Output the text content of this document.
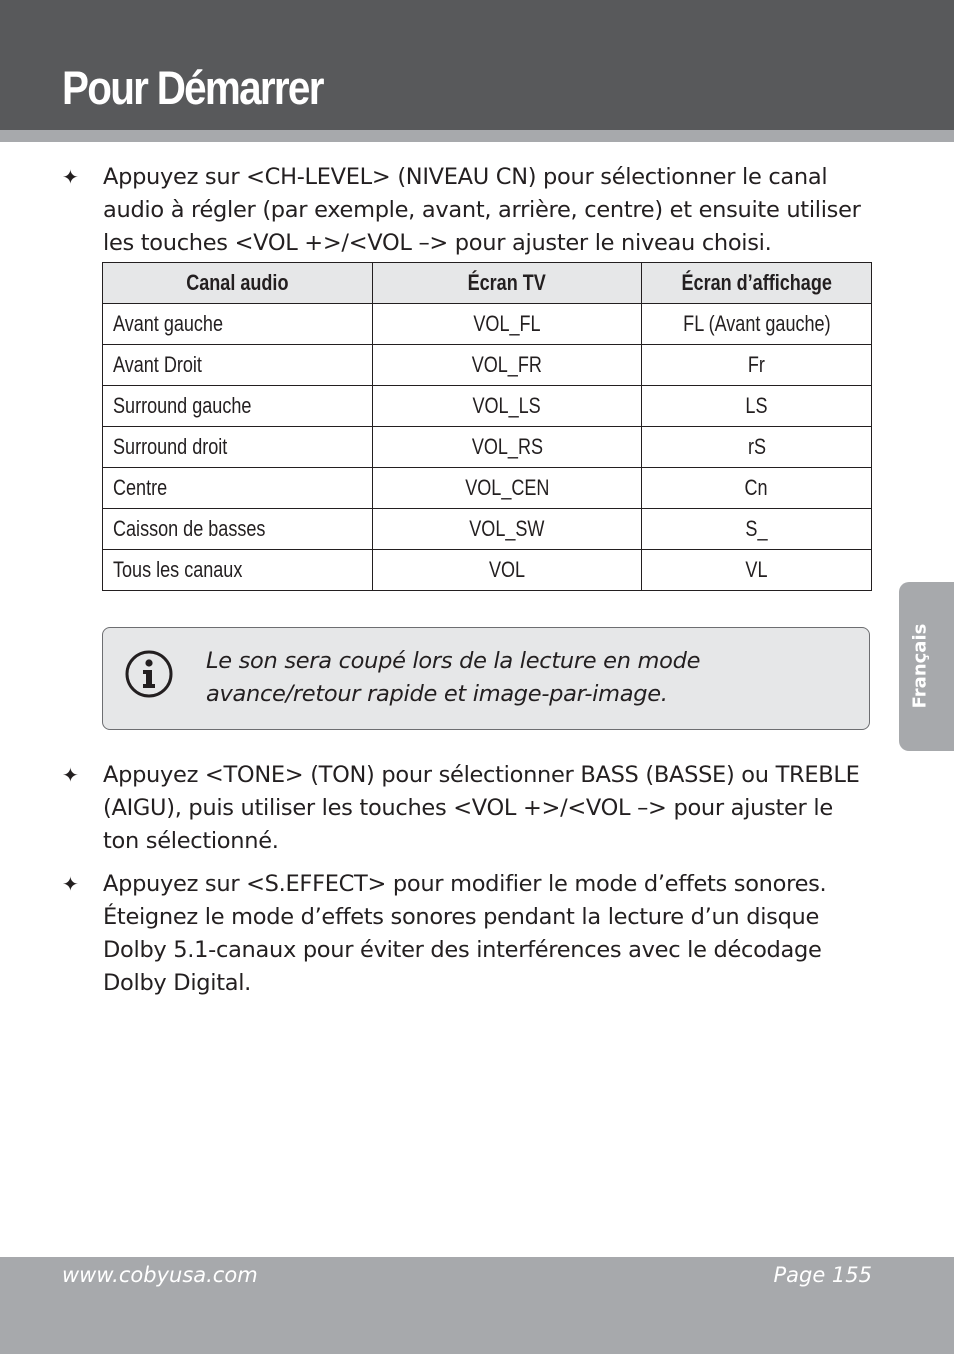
Pour Démarrer
✦ Appuyez sur <CH-LEVEL> (NIVEAU CN) pour sélectionner le canal audio à régler (par exemple, avant, arrière, centre) et ensuite utiliser les touches <VOL +>/<VOL –> pour ajuster le niveau choisi.
Canal audio	Écran TV	Écran d’affichage
Avant gauche	VOL_FL	FL (Avant gauche)
Avant Droit	VOL_FR	Fr
Surround gauche	VOL_LS	LS
Surround droit	VOL_RS	rS
Centre	VOL_CEN	Cn
Caisson de basses	VOL_SW	S_
Tous les canaux	VOL	VL
Le son sera coupé lors de la lecture en mode avance/retour rapide et image-par-image.
✦ Appuyez <TONE> (TON) pour sélectionner BASS (BASSE) ou TREBLE (AIGU), puis utiliser les touches <VOL +>/<VOL –> pour ajuster le ton sélectionné.
✦ Appuyez sur <S.EFFECT> pour modifier le mode d’effets sonores. Éteignez le mode d’effets sonores pendant la lecture d’un disque Dolby 5.1-canaux pour éviter des interférences avec le décodage Dolby Digital.
Français
www.cobyusa.com	Page 155
